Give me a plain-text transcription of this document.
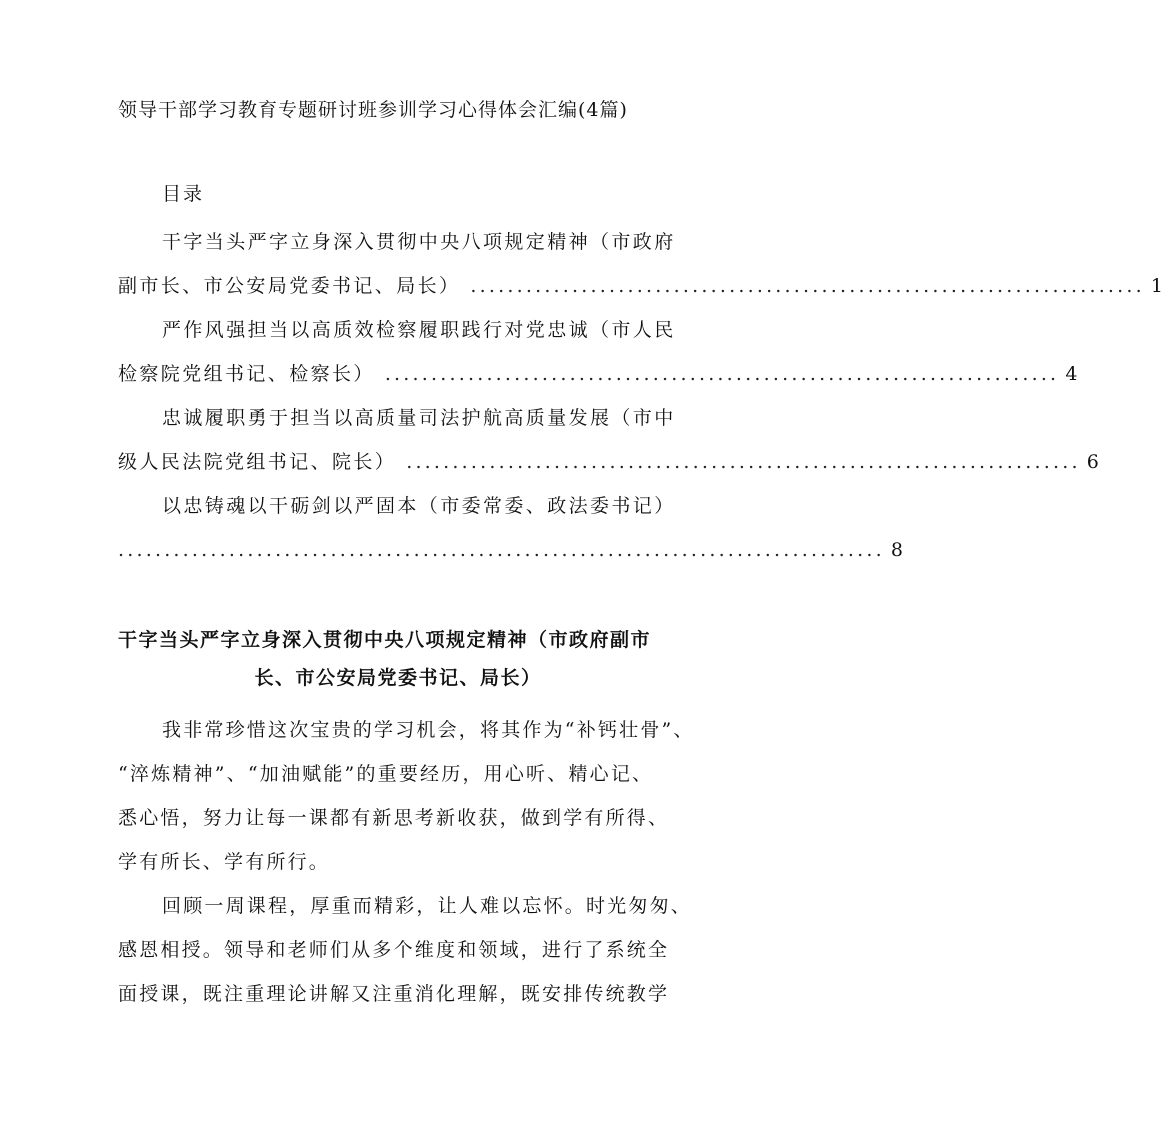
领导干部学习教育专题研讨班参训学习心得体会汇编(4篇)
目录
干字当头严字立身深入贯彻中央八项规定精神（市政府
副市长、市公安局党委书记、局长） ......................................................................... 1
严作风强担当以高质效检察履职践行对党忠诚（市人民
检察院党组书记、检察长） ......................................................................... 4
忠诚履职勇于担当以高质量司法护航高质量发展（市中
级人民法院党组书记、院长） ......................................................................... 6
以忠铸魂以干砺剑以严固本（市委常委、政法委书记）
................................................................................... 8
干字当头严字立身深入贯彻中央八项规定精神（市政府副市
长、市公安局党委书记、局长）
我非常珍惜这次宝贵的学习机会，将其作为“补钙壮骨”、
“淬炼精神”、“加油赋能”的重要经历，用心听、精心记、
悉心悟，努力让每一课都有新思考新收获，做到学有所得、
学有所长、学有所行。
回顾一周课程，厚重而精彩，让人难以忘怀。时光匆匆、
感恩相授。领导和老师们从多个维度和领域，进行了系统全
面授课，既注重理论讲解又注重消化理解，既安排传统教学
